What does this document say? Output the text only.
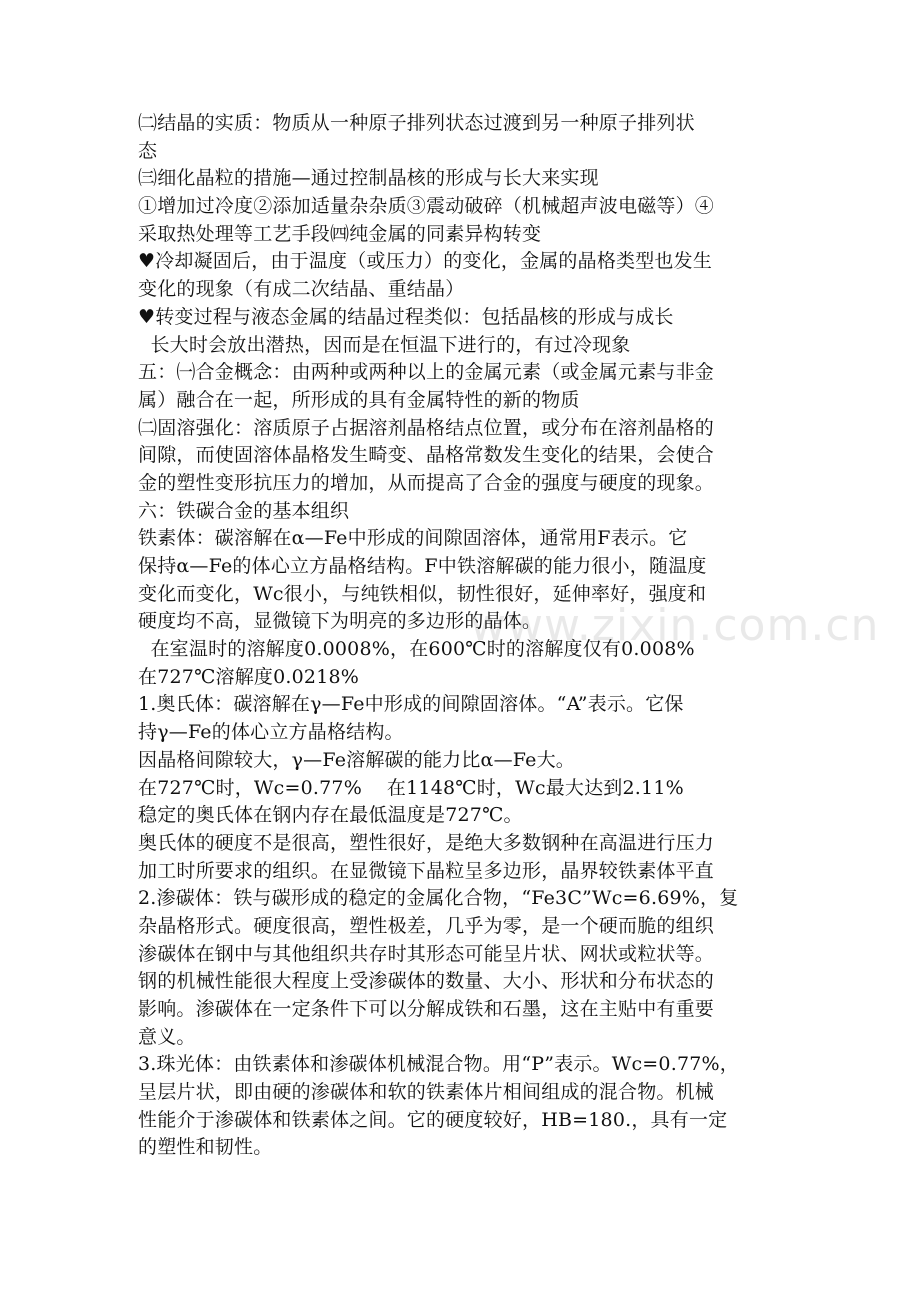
www.zixin.com.cn
㈡结晶的实质：物质从一种原子排列状态过渡到另一种原子排列状
态
㈢细化晶粒的措施—通过控制晶核的形成与长大来实现
①增加过冷度②添加适量杂杂质③震动破碎（机械超声波电磁等）④
采取热处理等工艺手段㈣纯金属的同素异构转变
♥冷却凝固后，由于温度（或压力）的变化，金属的晶格类型也发生
变化的现象（有成二次结晶、重结晶）
♥转变过程与液态金属的结晶过程类似：包括晶核的形成与成长
长大时会放出潜热，因而是在恒温下进行的，有过冷现象
五：㈠合金概念：由两种或两种以上的金属元素（或金属元素与非金
属）融合在一起，所形成的具有金属特性的新的物质
㈡固溶强化：溶质原子占据溶剂晶格结点位置，或分布在溶剂晶格的
间隙，而使固溶体晶格发生畸变、晶格常数发生变化的结果，会使合
金的塑性变形抗压力的增加，从而提高了合金的强度与硬度的现象。
六：铁碳合金的基本组织
铁素体：碳溶解在α—Fe中形成的间隙固溶体，通常用F表示。它
保持α—Fe的体心立方晶格结构。F中铁溶解碳的能力很小，随温度
变化而变化，Wc很小，与纯铁相似，韧性很好，延伸率好，强度和
硬度均不高，显微镜下为明亮的多边形的晶体。
在室温时的溶解度0.0008%，在600℃时的溶解度仅有0.008%
在727℃溶解度0.0218%
1.奥氏体：碳溶解在γ—Fe中形成的间隙固溶体。“A”表示。它保
持γ—Fe的体心立方晶格结构。
因晶格间隙较大，γ—Fe溶解碳的能力比α—Fe大。
在727℃时，Wc=0.77%    在1148℃时，Wc最大达到2.11%
稳定的奥氏体在钢内存在最低温度是727℃。
奥氏体的硬度不是很高，塑性很好，是绝大多数钢种在高温进行压力
加工时所要求的组织。在显微镜下晶粒呈多边形，晶界较铁素体平直
2.渗碳体：铁与碳形成的稳定的金属化合物，“Fe3C”Wc=6.69%，复
杂晶格形式。硬度很高，塑性极差，几乎为零，是一个硬而脆的组织
渗碳体在钢中与其他组织共存时其形态可能呈片状、网状或粒状等。
钢的机械性能很大程度上受渗碳体的数量、大小、形状和分布状态的
影响。渗碳体在一定条件下可以分解成铁和石墨，这在主贴中有重要
意义。
3.珠光体：由铁素体和渗碳体机械混合物。用“P”表示。Wc=0.77%，
呈层片状，即由硬的渗碳体和软的铁素体片相间组成的混合物。机械
性能介于渗碳体和铁素体之间。它的硬度较好，HB=180.，具有一定
的塑性和韧性。
